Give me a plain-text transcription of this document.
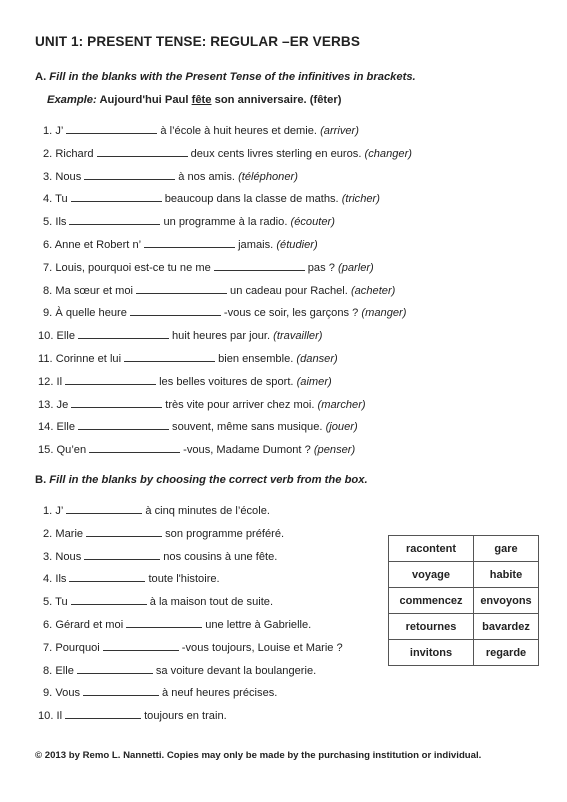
UNIT 1: PRESENT TENSE: REGULAR –ER VERBS
A. Fill in the blanks with the Present Tense of the infinitives in brackets.
Example: Aujourd'hui Paul fête son anniversaire. (fêter)
1. J’	à l’école à huit heures et demie. (arriver)
2. Richard	deux cents livres sterling en euros. (changer)
3. Nous	à nos amis. (téléphoner)
4. Tu	beaucoup dans la classe de maths. (tricher)
5. Ils	un programme à la radio. (écouter)
6. Anne et Robert n’	jamais. (étudier)
7. Louis, pourquoi est-ce tu ne me	pas ? (parler)
8. Ma sœur et moi	un cadeau pour Rachel. (acheter)
9. À quelle heure	-vous ce soir, les garçons ? (manger)
10. Elle	huit heures par jour. (travailler)
11. Corinne et lui	bien ensemble. (danser)
12. Il	les belles voitures de sport. (aimer)
13. Je	très vite pour arriver chez moi. (marcher)
14. Elle	souvent, même sans musique. (jouer)
15. Qu’en	-vous, Madame Dumont ? (penser)
B. Fill in the blanks by choosing the correct verb from the box.
1. J’	à cinq minutes de l’école.
2. Marie	son programme préféré.
3. Nous	nos cousins à une fête.
4. Ils	toute l'histoire.
5. Tu	à la maison tout de suite.
6. Gérard et moi	une lettre à Gabrielle.
7. Pourquoi	-vous toujours, Louise et Marie ?
8. Elle	sa voiture devant la boulangerie.
9. Vous	à neuf heures précises.
10. Il	toujours en train.
racontent	gare
voyage	habite
commencez	envoyons
retournes	bavardez
invitons	regarde
© 2013 by Remo L. Nannetti. Copies may only be made by the purchasing institution or individual.
